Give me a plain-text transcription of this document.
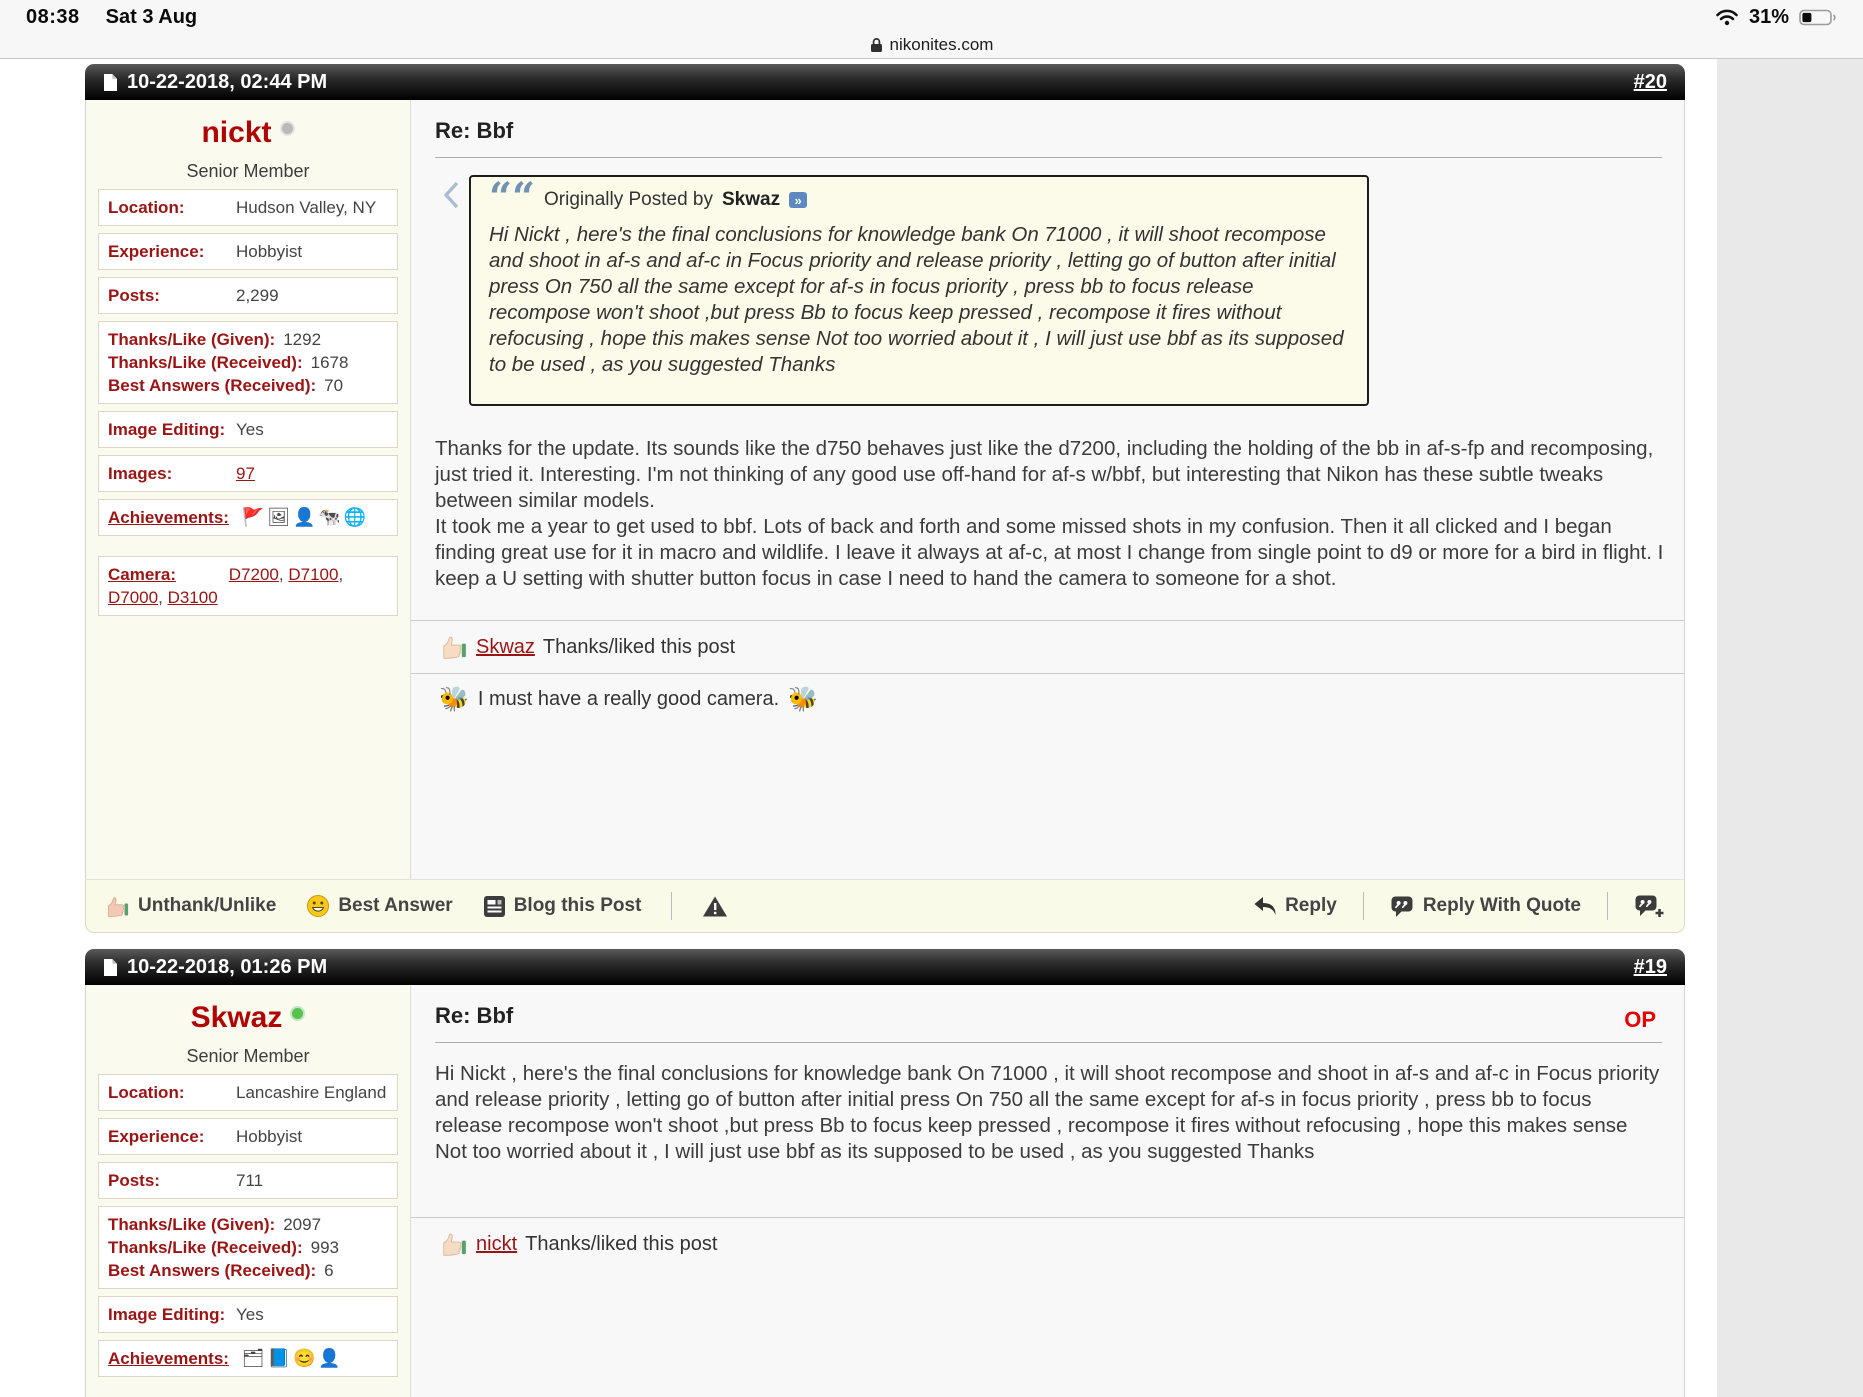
08:38 Sat 3 Aug	31%
nikonites.com
10-22-2018, 02:44 PM	#20
nickt
Senior Member
Location:	Hudson Valley, NY
Experience: Hobbyist
Posts:	2,299
Thanks/Like (Given): 1292
Thanks/Like (Received): 1678
Best Answers (Received): 70
Image Editing: Yes
Images:	97
Achievements: 🚩🖼👤🐄🌐
Camera:	D7200, D7100, D7000, D3100
Re: Bbf
““ Originally Posted by Skwaz	»
Hi Nickt , here's the final conclusions for knowledge bank On 71000 , it will shoot recompose and shoot in af-s and af-c in Focus priority and release priority , letting go of button after initial press On 750 all the same except for af-s in focus priority , press bb to focus release recompose won't shoot ,but press Bb to focus keep pressed , recompose it fires without refocusing , hope this makes sense Not too worried about it , I will just use bbf as its supposed to be used , as you suggested Thanks
Thanks for the update. Its sounds like the d750 behaves just like the d7200, including the holding of the bb in af-s-fp and recomposing, just tried it. Interesting. I'm not thinking of any good use off-hand for af-s w/bbf, but interesting that Nikon has these subtle tweaks between similar models.
It took me a year to get used to bbf. Lots of back and forth and some missed shots in my confusion. Then it all clicked and I began finding great use for it in macro and wildlife. I leave it always at af-c, at most I change from single point to d9 or more for a bird in flight. I keep a U setting with shutter button focus in case I need to hand the camera to someone for a shot.
Skwaz Thanks/liked this post
🐝 I must have a really good camera. 🐝
Unthank/Unlike	Best Answer	Blog this Post	Reply	Reply With Quote
10-22-2018, 01:26 PM	#19
Skwaz
Senior Member
Location:	Lancashire England
Experience: Hobbyist
Posts:	711
Thanks/Like (Given): 2097
Thanks/Like (Received): 993
Best Answers (Received): 6
Image Editing: Yes
Achievements: 🗂📘😊👤
OP
Re: Bbf
Hi Nickt , here's the final conclusions for knowledge bank On 71000 , it will shoot recompose and shoot in af-s and af-c in Focus priority and release priority , letting go of button after initial press On 750 all the same except for af-s in focus priority , press bb to focus release recompose won't shoot ,but press Bb to focus keep pressed , recompose it fires without refocusing , hope this makes sense Not too worried about it , I will just use bbf as its supposed to be used , as you suggested Thanks
nickt Thanks/liked this post
